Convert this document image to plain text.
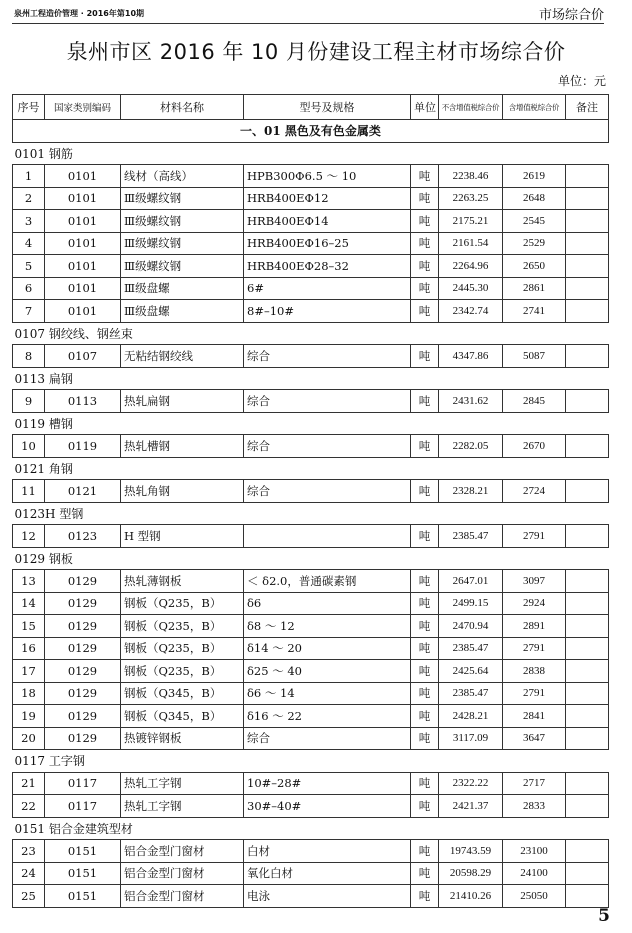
泉州工程造价管理 · 2016年第10期	市场综合价
泉州市区 2016 年 10 月份建设工程主材市场综合价
单位：元
序号	国家类别编码	材料名称	型号及规格	单位	不含增值税综合价	含增值税综合价	备注
一、01 黑色及有色金属类							
0101 钢筋							
1	0101	线材（高线）	HPB300Φ6.5 ～ 10	吨	2238.46	2619	
2	0101	Ⅲ级螺纹钢	HRB400EΦ12	吨	2263.25	2648	
3	0101	Ⅲ级螺纹钢	HRB400EΦ14	吨	2175.21	2545	
4	0101	Ⅲ级螺纹钢	HRB400EΦ16–25	吨	2161.54	2529	
5	0101	Ⅲ级螺纹钢	HRB400EΦ28–32	吨	2264.96	2650	
6	0101	Ⅲ级盘螺	6#	吨	2445.30	2861	
7	0101	Ⅲ级盘螺	8#–10#	吨	2342.74	2741	
0107 钢绞线、钢丝束							
8	0107	无粘结钢绞线	综合	吨	4347.86	5087	
0113 扁钢							
9	0113	热轧扁钢	综合	吨	2431.62	2845	
0119 槽钢							
10	0119	热轧槽钢	综合	吨	2282.05	2670	
0121 角钢							
11	0121	热轧角钢	综合	吨	2328.21	2724	
0123H 型钢							
12	0123	H 型钢		吨	2385.47	2791	
0129 钢板							
13	0129	热轧薄钢板	＜ δ2.0，普通碳素钢	吨	2647.01	3097	
14	0129	钢板（Q235，B）	δ6	吨	2499.15	2924	
15	0129	钢板（Q235，B）	δ8 ～ 12	吨	2470.94	2891	
16	0129	钢板（Q235，B）	δ14 ～ 20	吨	2385.47	2791	
17	0129	钢板（Q235，B）	δ25 ～ 40	吨	2425.64	2838	
18	0129	钢板（Q345，B）	δ6 ～ 14	吨	2385.47	2791	
19	0129	钢板（Q345，B）	δ16 ～ 22	吨	2428.21	2841	
20	0129	热镀锌钢板	综合	吨	3117.09	3647	
0117 工字钢							
21	0117	热轧工字钢	10#–28#	吨	2322.22	2717	
22	0117	热轧工字钢	30#–40#	吨	2421.37	2833	
0151 铝合金建筑型材							
23	0151	铝合金型门窗材	白材	吨	19743.59	23100	
24	0151	铝合金型门窗材	氧化白材	吨	20598.29	24100	
25	0151	铝合金型门窗材	电泳	吨	21410.26	25050	
5
